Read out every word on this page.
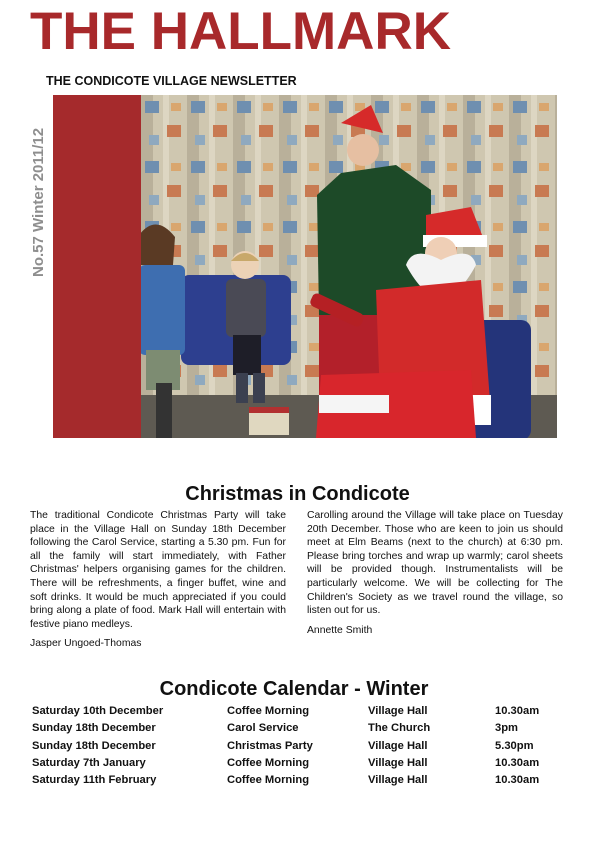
THE HALLMARK
THE CONDICOTE VILLAGE NEWSLETTER
No.57 Winter 2011/12
Christmas in Condicote

The traditional Condicote Christmas Party will take place in the Village Hall on Sunday 18th December following the Carol Service, starting a 5.30 pm. Fun for all the family will start immediately, with Father Christmas' helpers organising games for the children. There will be refreshments, a finger buffet, wine and soft drinks. It would be much appreciated if you could bring along a plate of food. Mark Hall will entertain with festive piano medleys.

Jasper Ungoed-Thomas

Carolling around the Village will take place on Tuesday 20th December. Those who are keen to join us should meet at Elm Beams (next to the church) at 6:30 pm. Please bring torches and wrap up warmly; carol sheets will be provided though. Instrumentalists will be particularly welcome. We will be collecting for The Children's Society as we travel round the village, so listen out for us.

Annette Smith

Condicote Calendar - Winter
Saturday 10th December	Coffee Morning	Village Hall	10.30am
Sunday 18th December	Carol Service	The Church	3pm
Sunday 18th December	Christmas Party	Village Hall	5.30pm
Saturday 7th January	Coffee Morning	Village Hall	10.30am
Saturday 11th February	Coffee Morning	Village Hall	10.30am
